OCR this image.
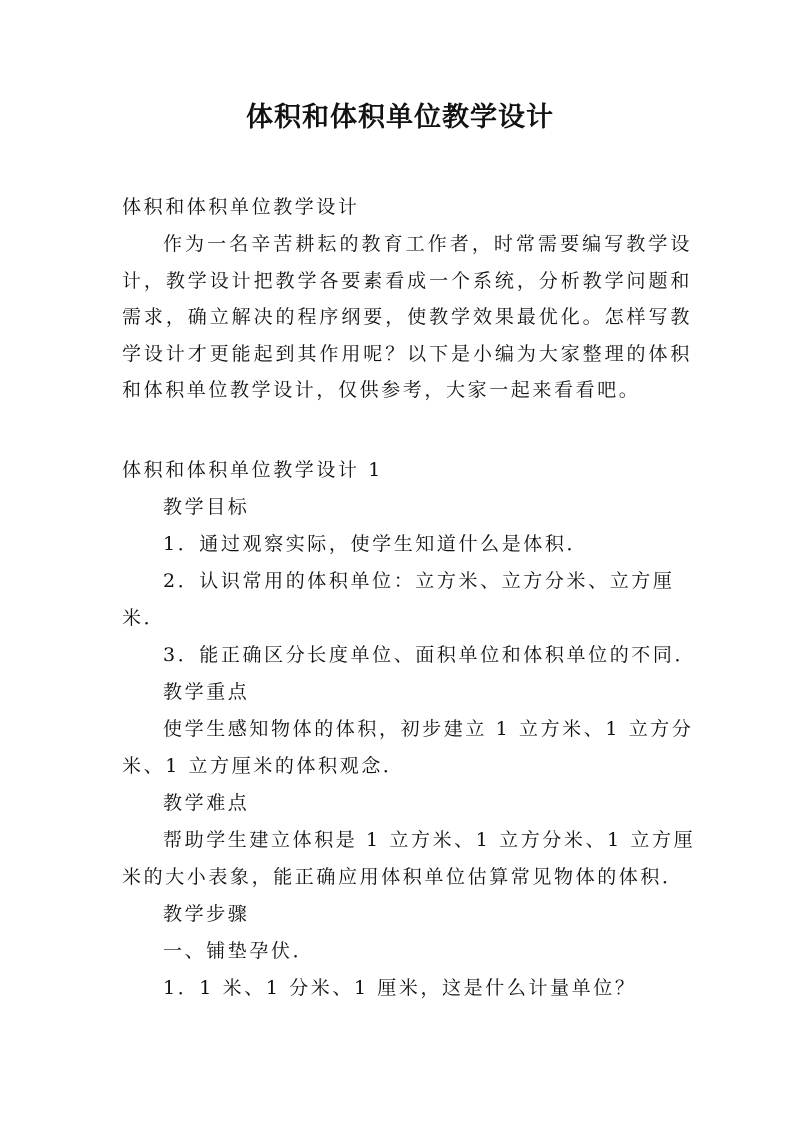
体积和体积单位教学设计
体积和体积单位教学设计

作为一名辛苦耕耘的教育工作者，时常需要编写教学设计，教学设计把教学各要素看成一个系统，分析教学问题和需求，确立解决的程序纲要，使教学效果最优化。怎样写教学设计才更能起到其作用呢？以下是小编为大家整理的体积和体积单位教学设计，仅供参考，大家一起来看看吧。

体积和体积单位教学设计 1
教学目标
1．通过观察实际，使学生知道什么是体积．
2．认识常用的体积单位：立方米、立方分米、立方厘
米．
3．能正确区分长度单位、面积单位和体积单位的不同．
教学重点
使学生感知物体的体积，初步建立 1 立方米、1 立方分
米、1 立方厘米的体积观念．
教学难点
帮助学生建立体积是 1 立方米、1 立方分米、1 立方厘
米的大小表象，能正确应用体积单位估算常见物体的体积．
教学步骤
一、铺垫孕伏．
1．1 米、1 分米、1 厘米，这是什么计量单位？
